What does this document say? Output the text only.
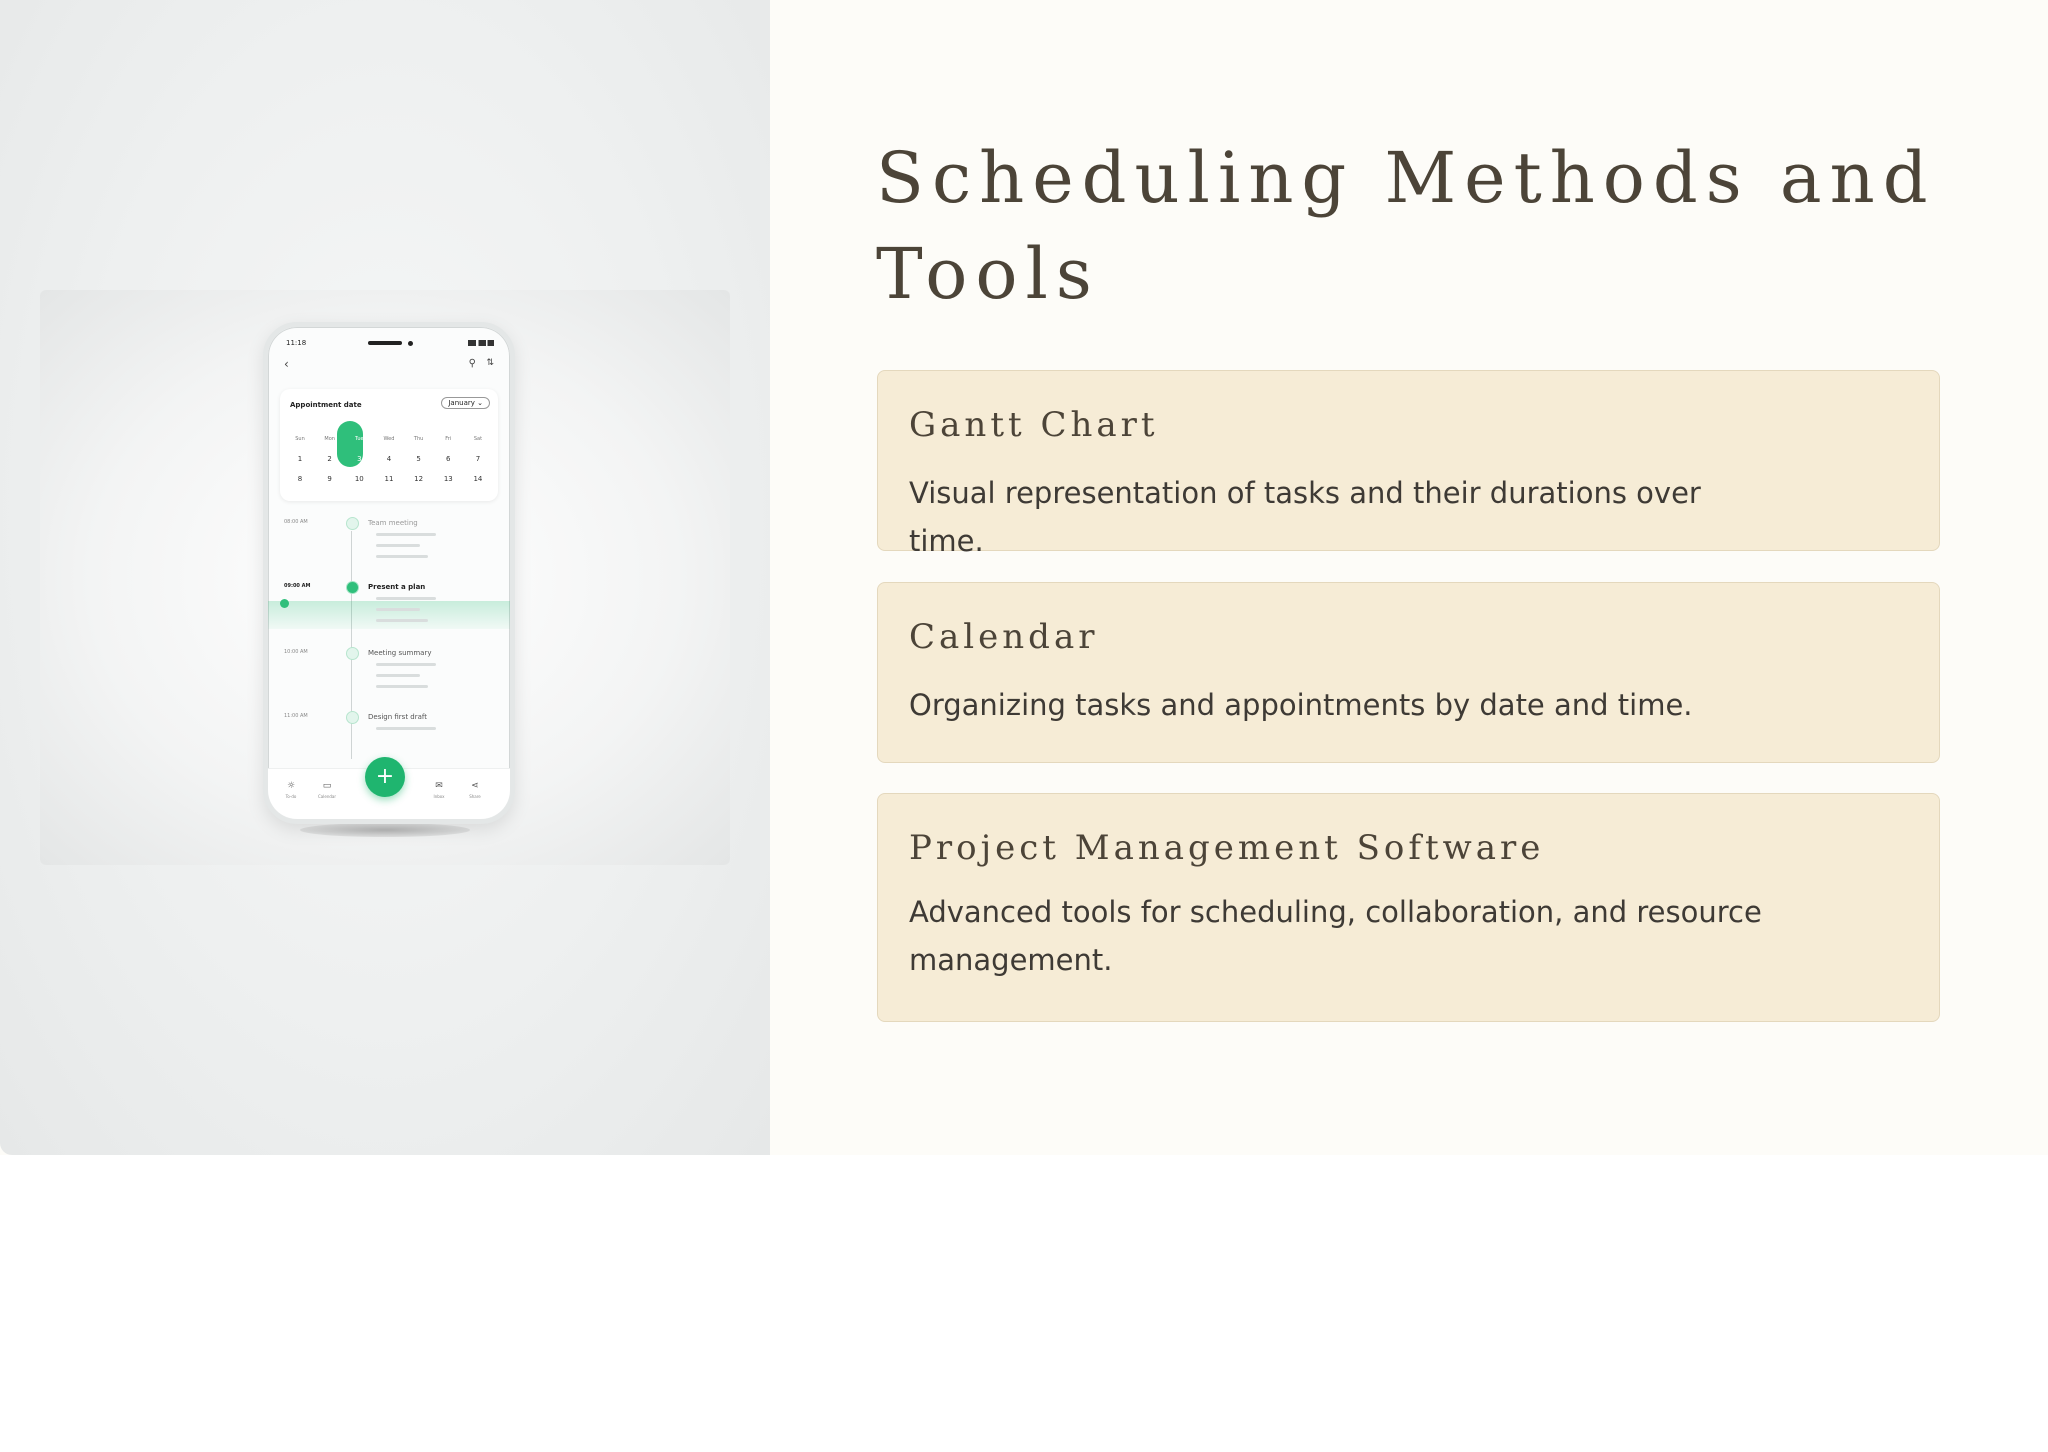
11:18
‹	⚲ ⇅
Appointment date	January ⌄
Sun	Mon	Tue	Wed	Thu	Fri	Sat
1	2	3	4	5	6	7
8	9	10	11	12	13	14
08:00 AM	Team meeting
09:00 AM	Present a plan
10:00 AM	Meeting summary
11:00 AM	Design first draft
☼
To-do
▭
Calendar
+	✉
Inbox
⋖
Share
Scheduling Methods and Tools
Gantt Chart
Visual representation of tasks and their durations over time.
Calendar
Organizing tasks and appointments by date and time.
Project Management Software
Advanced tools for scheduling, collaboration, and resource management.
